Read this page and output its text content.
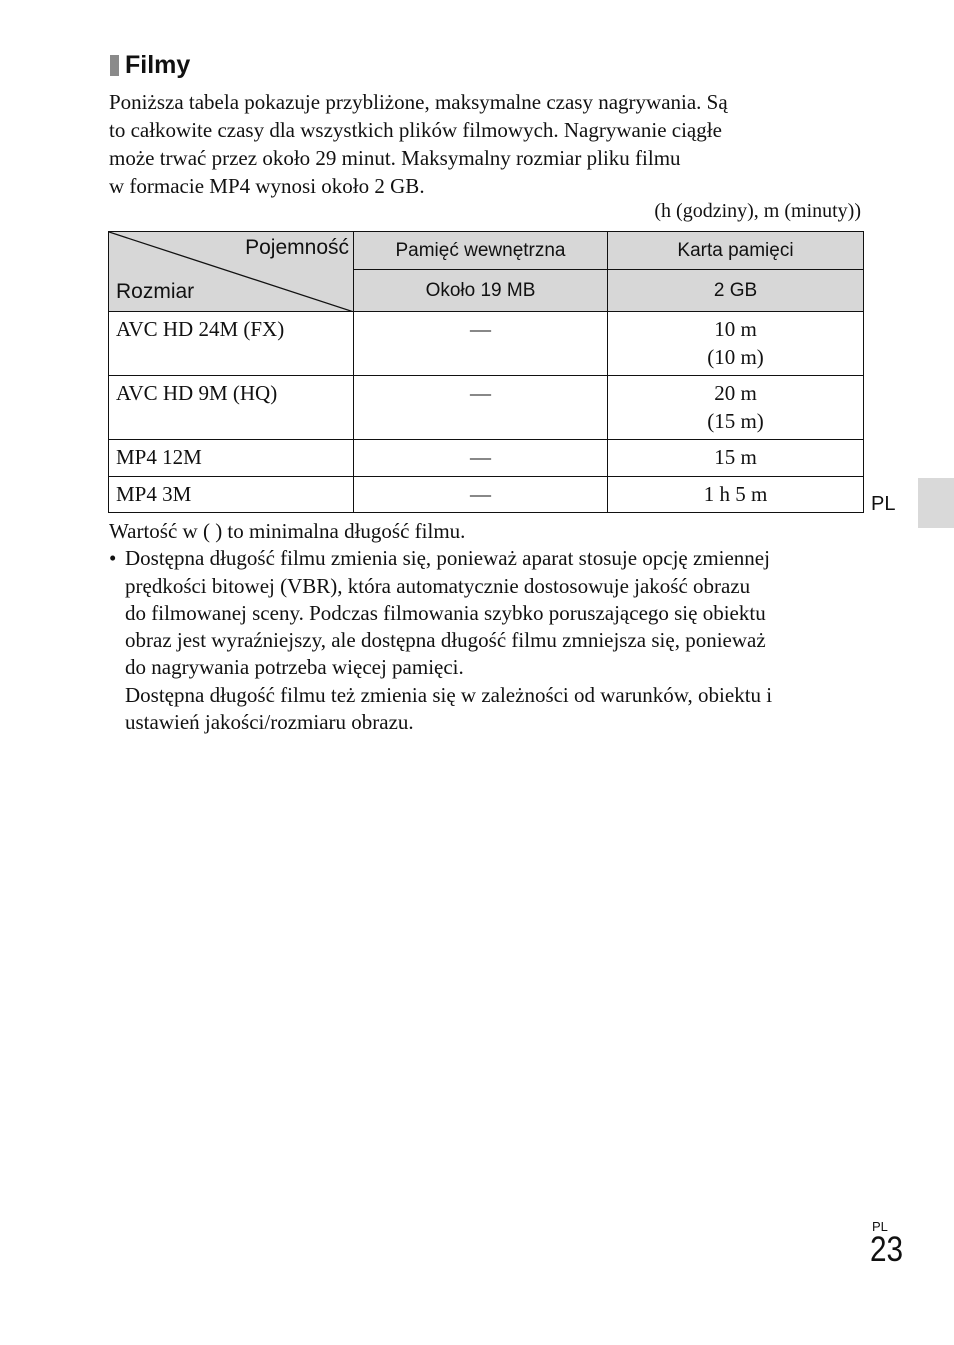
Filmy

Poniższa tabela pokazuje przybliżone, maksymalne czasy nagrywania. Są

to całkowite czasy dla wszystkich plików filmowych. Nagrywanie ciągłe

może trwać przez około 29 minut. Maksymalny rozmiar pliku filmu

w formacie MP4 wynosi około 2 GB.

(h (godziny), m (minuty))
Pojemność
Rozmiar	Pamięć wewnętrzna	Karta pamięci
	Około 19 MB	2 GB
AVC HD 24M (FX)	—	10 m
(10 m)

AVC HD 9M (HQ)	—	20 m
(15 m)

MP4 12M	—	15 m
MP4 3M	—	1 h 5 m	PL

Wartość w ( ) to minimalna długość filmu.

• Dostępna długość filmu zmienia się, ponieważ aparat stosuje opcję zmiennej

prędkości bitowej (VBR), która automatycznie dostosowuje jakość obrazu

do filmowanej sceny. Podczas filmowania szybko poruszającego się obiektu

obraz jest wyraźniejszy, ale dostępna długość filmu zmniejsza się, ponieważ

do nagrywania potrzeba więcej pamięci.

Dostępna długość filmu też zmienia się w zależności od warunków, obiektu i

ustawień jakości/rozmiaru obrazu.

PL
23
